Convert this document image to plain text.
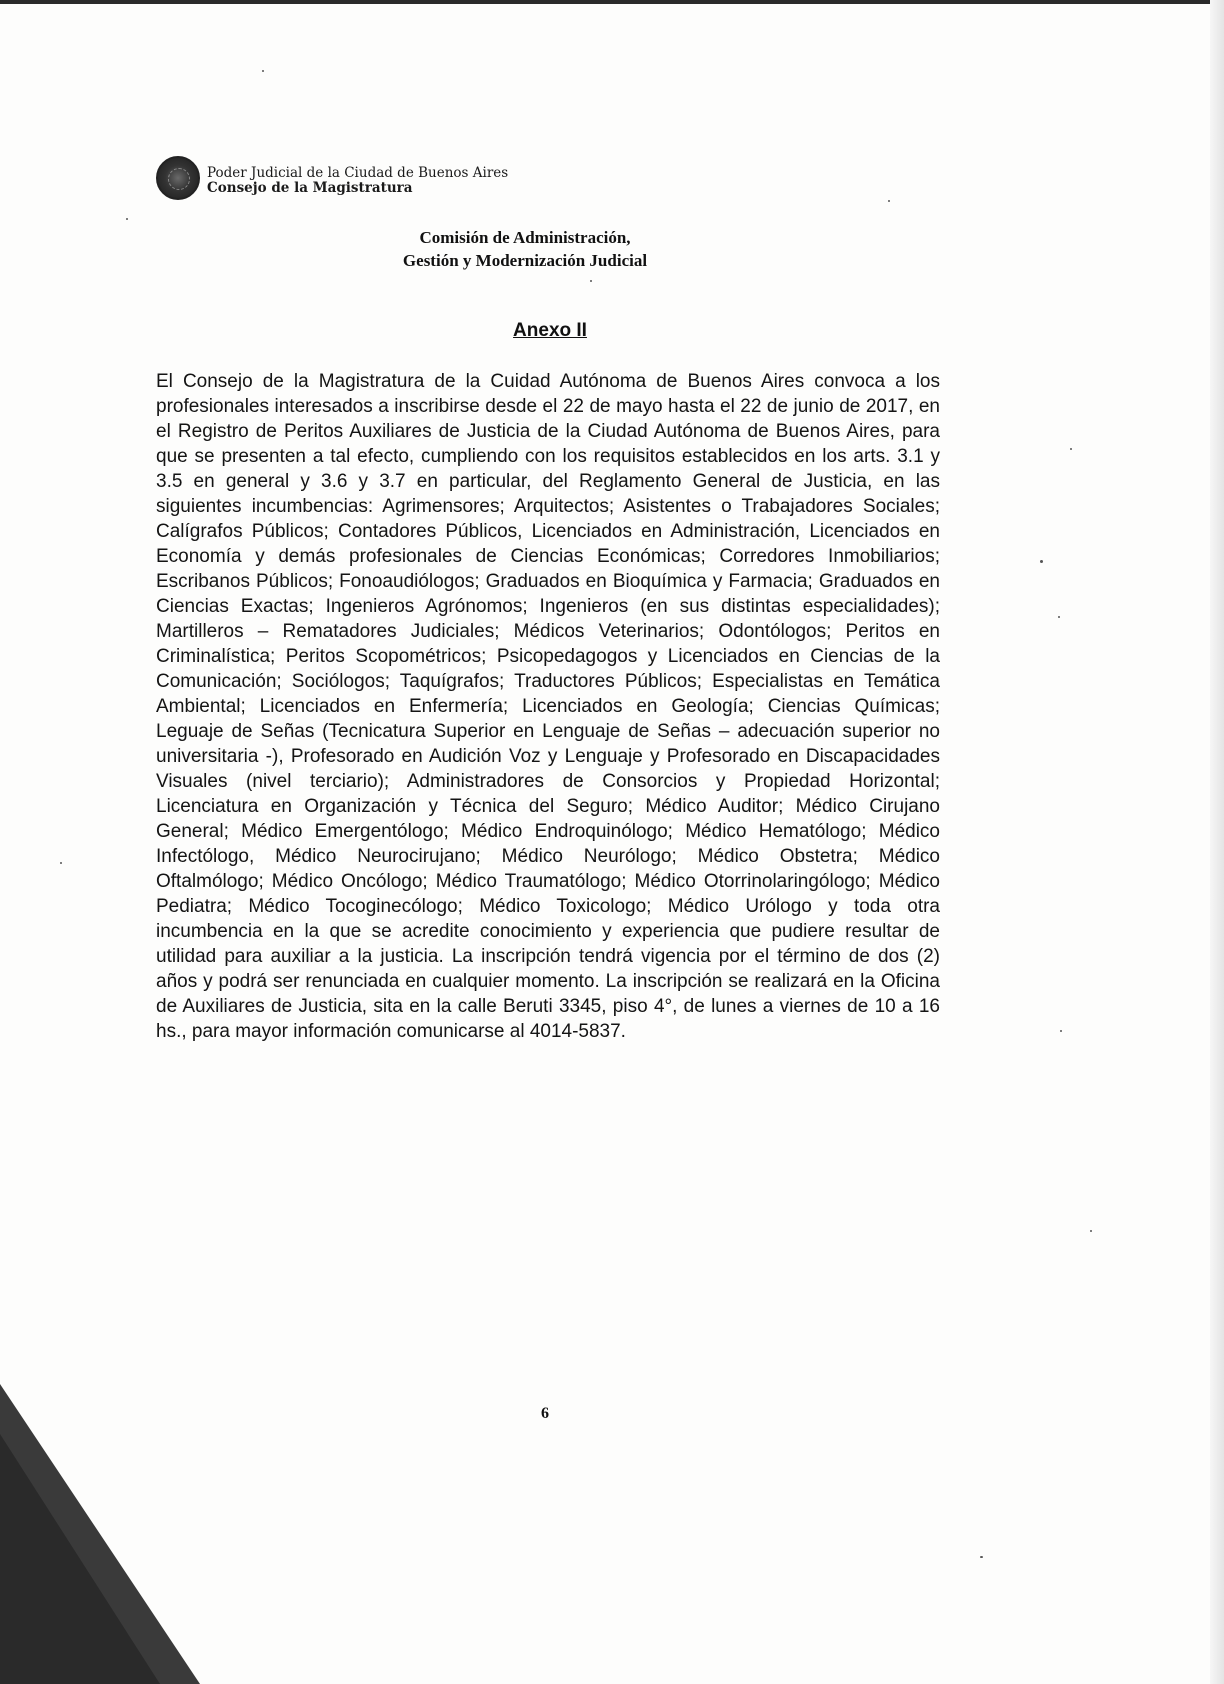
Poder Judicial de la Ciudad de Buenos Aires
Consejo de la Magistratura
Comisión de Administración,
Gestión y Modernización Judicial
Anexo II
El Consejo de la Magistratura de la Cuidad Autónoma de Buenos Aires convoca a los profesionales interesados a inscribirse desde el 22 de mayo hasta el 22 de junio de 2017, en el Registro de Peritos Auxiliares de Justicia de la Ciudad Autónoma de Buenos Aires, para que se presenten a tal efecto, cumpliendo con los requisitos establecidos en los arts. 3.1 y 3.5 en general y 3.6 y 3.7 en particular, del Reglamento General de Justicia, en las siguientes incumbencias: Agrimensores; Arquitectos; Asistentes o Trabajadores Sociales; Calígrafos Públicos; Contadores Públicos, Licenciados en Administración, Licenciados en Economía y demás profesionales de Ciencias Económicas; Corredores Inmobiliarios; Escribanos Públicos; Fonoaudiólogos; Graduados en Bioquímica y Farmacia; Graduados en Ciencias Exactas; Ingenieros Agrónomos; Ingenieros (en sus distintas especialidades); Martilleros – Rematadores Judiciales; Médicos Veterinarios; Odontólogos; Peritos en Criminalística; Peritos Scopométricos; Psicopedagogos y Licenciados en Ciencias de la Comunicación; Sociólogos; Taquígrafos; Traductores Públicos; Especialistas en Temática Ambiental; Licenciados en Enfermería; Licenciados en Geología; Ciencias Químicas; Leguaje de Señas (Tecnicatura Superior en Lenguaje de Señas – adecuación superior no universitaria -), Profesorado en Audición Voz y Lenguaje y Profesorado en Discapacidades Visuales (nivel terciario); Administradores de Consorcios y Propiedad Horizontal; Licenciatura en Organización y Técnica del Seguro; Médico Auditor; Médico Cirujano General; Médico Emergentólogo; Médico Endroquinólogo; Médico Hematólogo; Médico Infectólogo, Médico Neurocirujano; Médico Neurólogo; Médico Obstetra; Médico Oftalmólogo; Médico Oncólogo; Médico Traumatólogo; Médico Otorrinolaringólogo; Médico Pediatra; Médico Tocoginecólogo; Médico Toxicologo; Médico Urólogo y toda otra incumbencia en la que se acredite conocimiento y experiencia que pudiere resultar de utilidad para auxiliar a la justicia. La inscripción tendrá vigencia por el término de dos (2) años y podrá ser renunciada en cualquier momento. La inscripción se realizará en la Oficina de Auxiliares de Justicia, sita en la calle Beruti 3345, piso 4°, de lunes a viernes de 10 a 16 hs., para mayor información comunicarse al 4014-5837.
6
